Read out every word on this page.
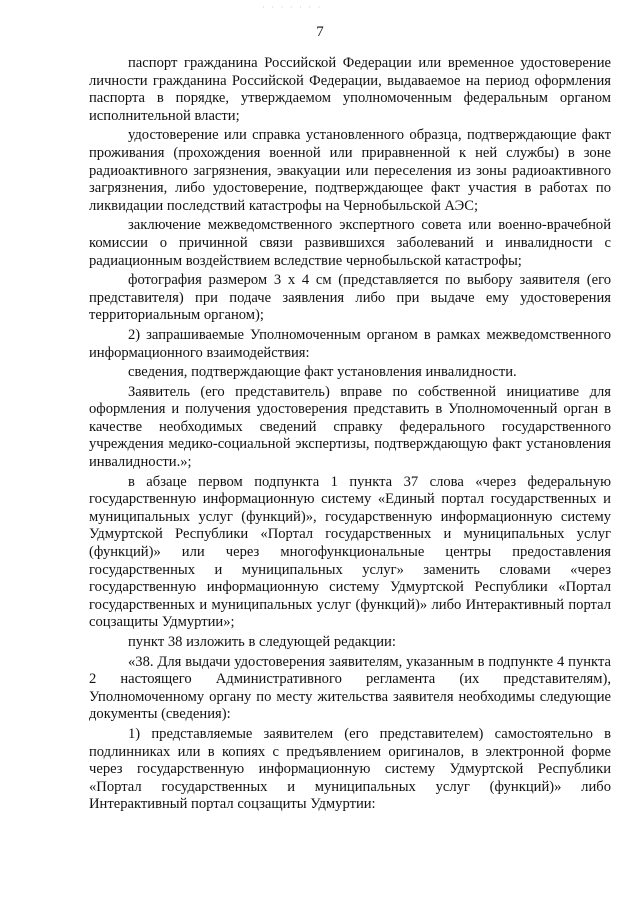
· · · · · · ·
7

паспорт гражданина Российской Федерации или временное удостоверение личности гражданина Российской Федерации, выдаваемое на период оформления паспорта в порядке, утверждаемом уполномоченным федеральным органом исполнительной власти;

удостоверение или справка установленного образца, подтверждающие факт проживания (прохождения военной или приравненной к ней службы) в зоне радиоактивного загрязнения, эвакуации или переселения из зоны радиоактивного загрязнения, либо удостоверение, подтверждающее факт участия в работах по ликвидации последствий катастрофы на Чернобыльской АЭС;

заключение межведомственного экспертного совета или военно-врачебной комиссии о причинной связи развившихся заболеваний и инвалидности с радиационным воздействием вследствие чернобыльской катастрофы;

фотография размером 3 х 4 см (представляется по выбору заявителя (его представителя) при подаче заявления либо при выдаче ему удостоверения территориальным органом);

2) запрашиваемые Уполномоченным органом в рамках межведомственного информационного взаимодействия:

сведения, подтверждающие факт установления инвалидности.

Заявитель (его представитель) вправе по собственной инициативе для оформления и получения удостоверения представить в Уполномоченный орган в качестве необходимых сведений справку федерального государственного учреждения медико-социальной экспертизы, подтверждающую факт установления инвалидности.»;

в абзаце первом подпункта 1 пункта 37 слова «через федеральную государственную информационную систему «Единый портал государственных и муниципальных услуг (функций)», государственную информационную систему Удмуртской Республики «Портал государственных и муниципальных услуг (функций)» или через многофункциональные центры предоставления государственных и муниципальных услуг» заменить словами «через государственную информационную систему Удмуртской Республики «Портал государственных и муниципальных услуг (функций)» либо Интерактивный портал соцзащиты Удмуртии»;

пункт 38 изложить в следующей редакции:

«38. Для выдачи удостоверения заявителям, указанным в подпункте 4 пункта 2 настоящего Административного регламента (их представителям), Уполномоченному органу по месту жительства заявителя необходимы следующие документы (сведения):

1) представляемые заявителем (его представителем) самостоятельно в подлинниках или в копиях с предъявлением оригиналов, в электронной форме через государственную информационную систему Удмуртской Республики «Портал государственных и муниципальных услуг (функций)» либо Интерактивный портал соцзащиты Удмуртии:
